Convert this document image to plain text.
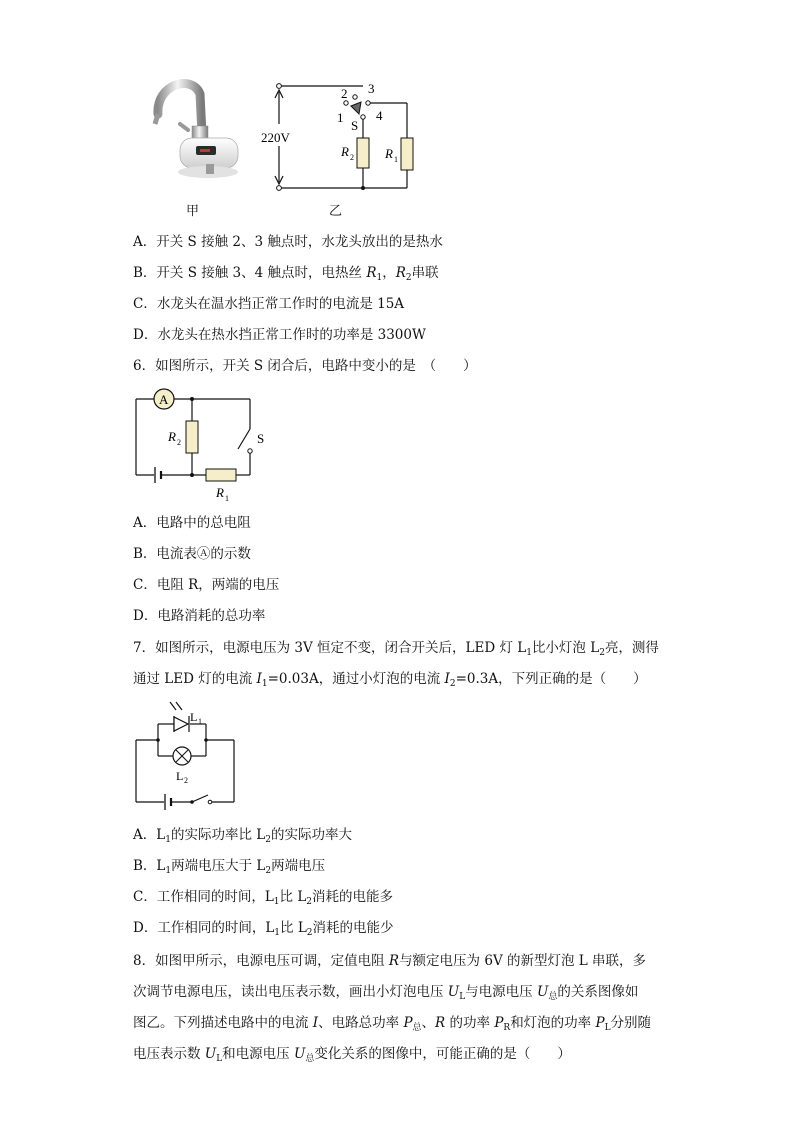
甲
220V
1
2 3
4
S
R 2 R 1
乙
A．开关 S 接触 2、3 触点时，水龙头放出的是热水
B．开关 S 接触 3、4 触点时，电热丝 $R_1$，$R_2$串联
C．水龙头在温水挡正常工作时的电流是 15A
D．水龙头在热水挡正常工作时的功率是 3300W
6．如图所示，开关 S 闭合后，电路中变小的是　（　　）
A
R 2	S
R 1
A．电路中的总电阻
B．电流表Ⓐ的示数
C．电阻 R，两端的电压
D．电路消耗的总功率
7．如图所示，电源电压为 3V 恒定不变，闭合开关后，LED 灯 $L_1$比小灯泡 $L_2$亮，测得
通过 LED 灯的电流 $I_1=0.03A$，通过小灯泡的电流 $I_2=0.3A$，下列正确的是（　　）
L 1
L 2
A．$L_1$的实际功率比 $L_2$的实际功率大
B．$L_1$两端电压大于 $L_2$两端电压
C．工作相同的时间，$L_1$比 $L_2$消耗的电能多
D．工作相同的时间，$L_1$比 $L_2$消耗的电能少
8．如图甲所示，电源电压可调，定值电阻 R与额定电压为 6V 的新型灯泡 L 串联，多
次调节电源电压，读出电压表示数，画出小灯泡电压 $U_L$与电源电压 $U_总$的关系图像如
图乙。下列描述电路中的电流 I、电路总功率 $P_总$、R 的功率 $P_R$和灯泡的功率 $P_L$分别随
电压表示数 $U_L$和电源电压 $U_总$变化关系的图像中，可能正确的是（　　）
